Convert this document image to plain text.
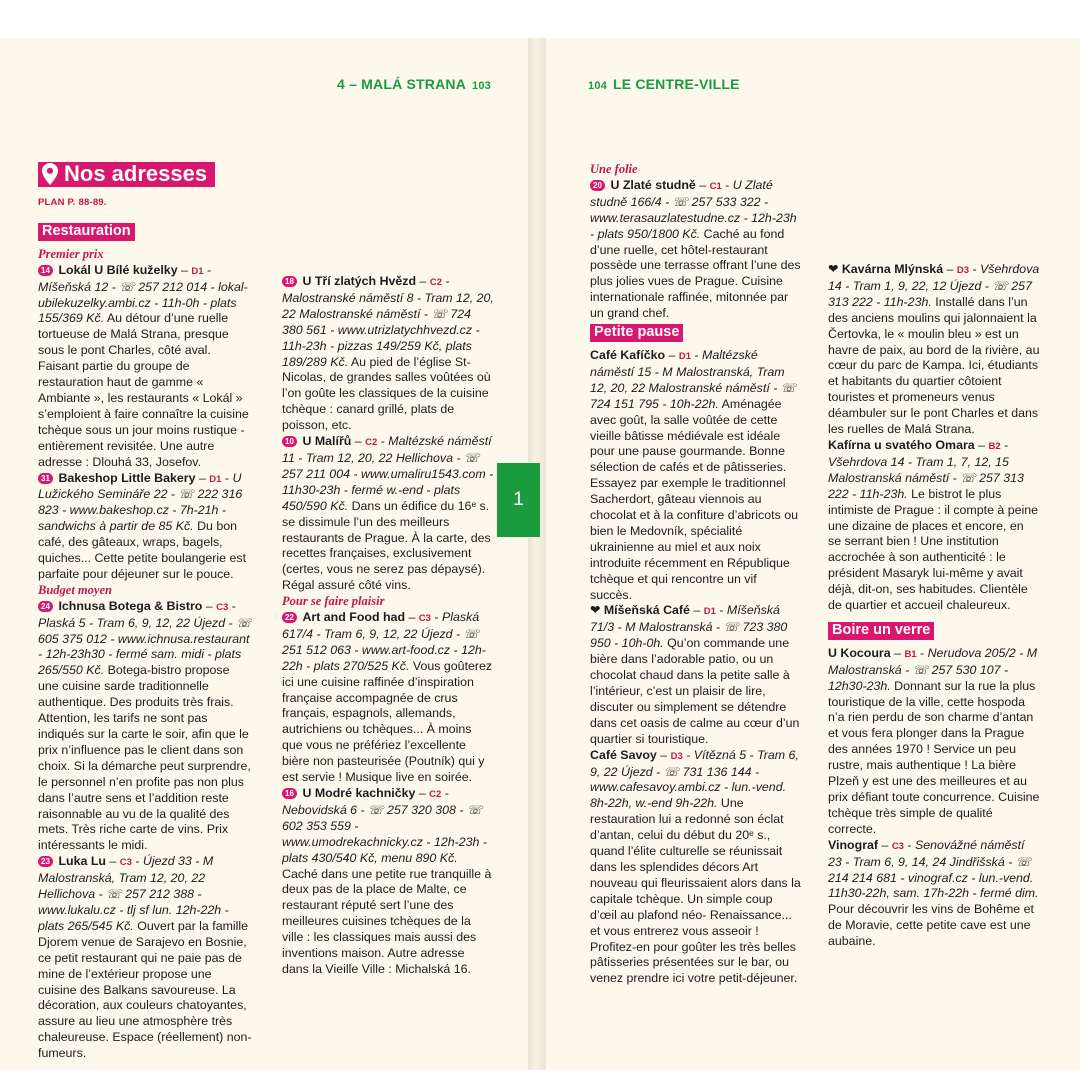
4 – MALÁ STRANA 103	104 LE CENTRE-VILLE
1
Nos adresses
PLAN P. 88-89.
Restauration
Premier prix

14 Lokál U Bílé kuželky – D1 - Míšeňská 12 - ☏ 257 212 014 - lokal-ubilekuzelky.ambi.cz - 11h-0h - plats 155/369 Kč. Au détour d’une ruelle tortueuse de Malá Strana, presque sous le pont Charles, côté aval. Faisant partie du groupe de restauration haut de gamme « Ambiante », les restaurants « Lokál » s’emploient à faire connaître la cuisine tchèque sous un jour moins rustique - entièrement revisitée. Une autre adresse : Dlouhá 33, Josefov.

31 Bakeshop Little Bakery – D1 - U Lužického Semináře 22 - ☏ 222 316 823 - www.bakeshop.cz - 7h-21h - sandwichs à partir de 85 Kč. Du bon café, des gâteaux, wraps, bagels, quiches... Cette petite boulangerie est parfaite pour déjeuner sur le pouce.

Budget moyen

24 Ichnusa Botega & Bistro – C3 - Plaská 5 - Tram 6, 9, 12, 22 Újezd - ☏ 605 375 012 - www.ichnusa.restaurant - 12h-23h30 - fermé sam. midi - plats 265/550 Kč. Botega-bistro propose une cuisine sarde traditionnelle authentique. Des produits très frais. Attention, les tarifs ne sont pas indiqués sur la carte le soir, afin que le prix n’influence pas le client dans son choix. Si la démarche peut surprendre, le personnel n’en profite pas non plus dans l’autre sens et l’addition reste raisonnable au vu de la qualité des mets. Très riche carte de vins. Prix intéressants le midi.

23 Luka Lu – C3 - Újezd 33 - M Malostranská, Tram 12, 20, 22 Hellichova - ☏ 257 212 388 - www.lukalu.cz - tlj sf lun. 12h-22h - plats 265/545 Kč. Ouvert par la famille Djorem venue de Sarajevo en Bosnie, ce petit restaurant qui ne paie pas de mine de l’extérieur propose une cuisine des Balkans savoureuse. La décoration, aux couleurs chatoyantes, assure au lieu une atmosphère très chaleureuse. Espace (réellement) non-fumeurs.

18 U Tří zlatých Hvězd – C2 - Malostranské náměstí 8 - Tram 12, 20, 22 Malostranské náměstí - ☏ 724 380 561 - www.utrizlatychhvezd.cz - 11h-23h - pizzas 149/259 Kč, plats 189/289 Kč. Au pied de l’église St-Nicolas, de grandes salles voûtées où l’on goûte les classiques de la cuisine tchèque : canard grillé, plats de poisson, etc.

10 U Malířů – C2 - Maltézské náměstí 11 - Tram 12, 20, 22 Hellichova - ☏ 257 211 004 - www.umaliru1543.com - 11h30-23h - fermé w.-end - plats 450/590 Kč. Dans un édifice du 16ᵉ s. se dissimule l’un des meilleurs restaurants de Prague. À la carte, des recettes françaises, exclusivement (certes, vous ne serez pas dépaysé). Régal assuré côté vins.

Pour se faire plaisir

22 Art and Food had – C3 - Plaská 617/4 - Tram 6, 9, 12, 22 Újezd - ☏ 251 512 063 - www.art-food.cz - 12h-22h - plats 270/525 Kč. Vous goûterez ici une cuisine raffinée d’inspiration française accompagnée de crus français, espagnols, allemands, autrichiens ou tchèques... À moins que vous ne préfériez l’excellente bière non pasteurisée (Poutník) qui y est servie ! Musique live en soirée.

16 U Modré kachničky – C2 - Nebovidská 6 - ☏ 257 320 308 - ☏ 602 353 559 - www.umodrekachnicky.cz - 12h-23h - plats 430/540 Kč, menu 890 Kč. Caché dans une petite rue tranquille à deux pas de la place de Malte, ce restaurant réputé sert l’une des meilleures cuisines tchèques de la ville : les classiques mais aussi des inventions maison. Autre adresse dans la Vieille Ville : Michalská 16.

Une folie

20 U Zlaté studně – C1 - U Zlaté studně 166/4 - ☏ 257 533 322 - www.terasauzlatestudne.cz - 12h-23h - plats 950/1800 Kč. Caché au fond d’une ruelle, cet hôtel-restaurant possède une terrasse offrant l’une des plus jolies vues de Prague. Cuisine internationale raffinée, mitonnée par un grand chef.

Petite pause

Café Kafíčko – D1 - Maltézské náměstí 15 - M Malostranská, Tram 12, 20, 22 Malostranské náměstí - ☏ 724 151 795 - 10h-22h. Aménagée avec goût, la salle voûtée de cette vieille bâtisse médiévale est idéale pour une pause gourmande. Bonne sélection de cafés et de pâtisseries. Essayez par exemple le traditionnel Sacherdort, gâteau viennois au chocolat et à la confiture d’abricots ou bien le Medovník, spécialité ukrainienne au miel et aux noix introduite récemment en République tchèque et qui rencontre un vif succès.

❤ Míšeňská Café – D1 - Míšeňská 71/3 - M Malostranská - ☏ 723 380 950 - 10h-0h. Qu’on commande une bière dans l’adorable patio, ou un chocolat chaud dans la petite salle à l’intérieur, c’est un plaisir de lire, discuter ou simplement se détendre dans cet oasis de calme au cœur d’un quartier si touristique.

Café Savoy – D3 - Vítězná 5 - Tram 6, 9, 22 Újezd - ☏ 731 136 144 - www.cafesavoy.ambi.cz - lun.-vend. 8h-22h, w.-end 9h-22h. Une restauration lui a redonné son éclat d’antan, celui du début du 20ᵉ s., quand l’élite culturelle se réunissait dans les splendides décors Art nouveau qui fleurissaient alors dans la capitale tchèque. Un simple coup d’œil au plafond néo- Renaissance... et vous entrerez vous asseoir ! Profitez-en pour goûter les très belles pâtisseries présentées sur le bar, ou venez prendre ici votre petit-déjeuner.

❤ Kavárna Mlýnská – D3 - Všehrdova 14 - Tram 1, 9, 22, 12 Újezd - ☏ 257 313 222 - 11h-23h. Installé dans l’un des anciens moulins qui jalonnaient la Čertovka, le « moulin bleu » est un havre de paix, au bord de la rivière, au cœur du parc de Kampa. Ici, étudiants et habitants du quartier côtoient touristes et promeneurs venus déambuler sur le pont Charles et dans les ruelles de Malá Strana.

Kafírna u svatého Omara – B2 - Všehrdova 14 - Tram 1, 7, 12, 15 Malostranská náměstí - ☏ 257 313 222 - 11h-23h. Le bistrot le plus intimiste de Prague : il compte à peine une dizaine de places et encore, en se serrant bien ! Une institution accrochée à son authenticité : le président Masaryk lui-même y avait déjà, dit-on, ses habitudes. Clientèle de quartier et accueil chaleureux.

Boire un verre

U Kocoura – B1 - Nerudova 205/2 - M Malostranská - ☏ 257 530 107 - 12h30-23h. Donnant sur la rue la plus touristique de la ville, cette hospoda n’a rien perdu de son charme d’antan et vous fera plonger dans la Prague des années 1970 ! Service un peu rustre, mais authentique ! La bière Plzeň y est une des meilleures et au prix défiant toute concurrence. Cuisine tchèque très simple de qualité correcte.

Vinograf – C3 - Senovážné náměstí 23 - Tram 6, 9, 14, 24 Jindřišská - ☏ 214 214 681 - vinograf.cz - lun.-vend. 11h30-22h, sam. 17h-22h - fermé dim. Pour découvrir les vins de Bohême et de Moravie, cette petite cave est une aubaine.
